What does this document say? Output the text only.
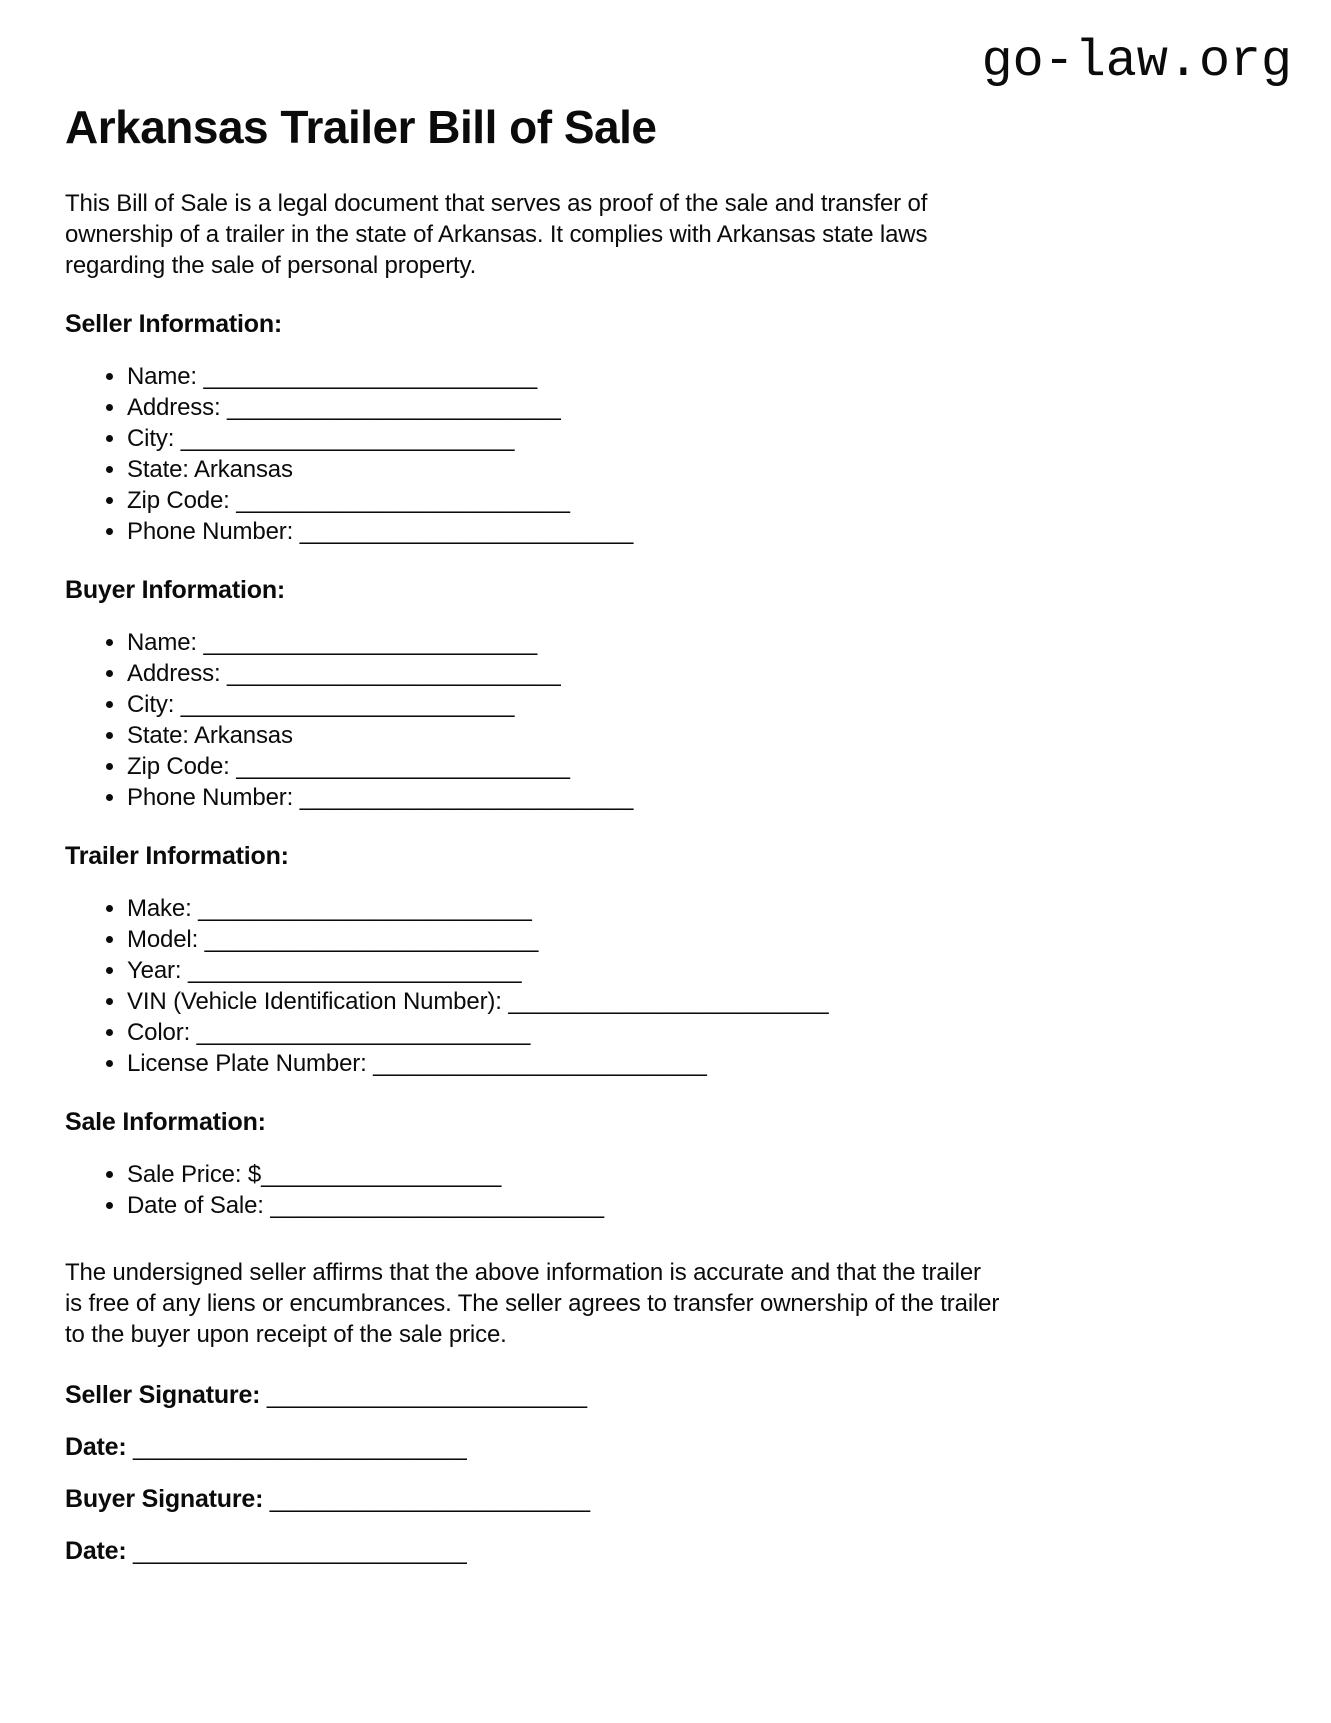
go-law.org
Arkansas Trailer Bill of Sale
This Bill of Sale is a legal document that serves as proof of the sale and transfer of
ownership of a trailer in the state of Arkansas. It complies with Arkansas state laws
regarding the sale of personal property.
Seller Information:
• Name: _________________________
• Address: _________________________
• City: _________________________
• State: Arkansas
• Zip Code: _________________________
• Phone Number: _________________________
Buyer Information:
• Name: _________________________
• Address: _________________________
• City: _________________________
• State: Arkansas
• Zip Code: _________________________
• Phone Number: _________________________
Trailer Information:
• Make: _________________________
• Model: _________________________
• Year: _________________________
• VIN (Vehicle Identification Number): ________________________
• Color: _________________________
• License Plate Number: _________________________
Sale Information:
• Sale Price: $__________________
• Date of Sale: _________________________
The undersigned seller affirms that the above information is accurate and that the trailer
is free of any liens or encumbrances. The seller agrees to transfer ownership of the trailer
to the buyer upon receipt of the sale price.

Seller Signature: ________________________

Date: _________________________

Buyer Signature: ________________________

Date: _________________________
